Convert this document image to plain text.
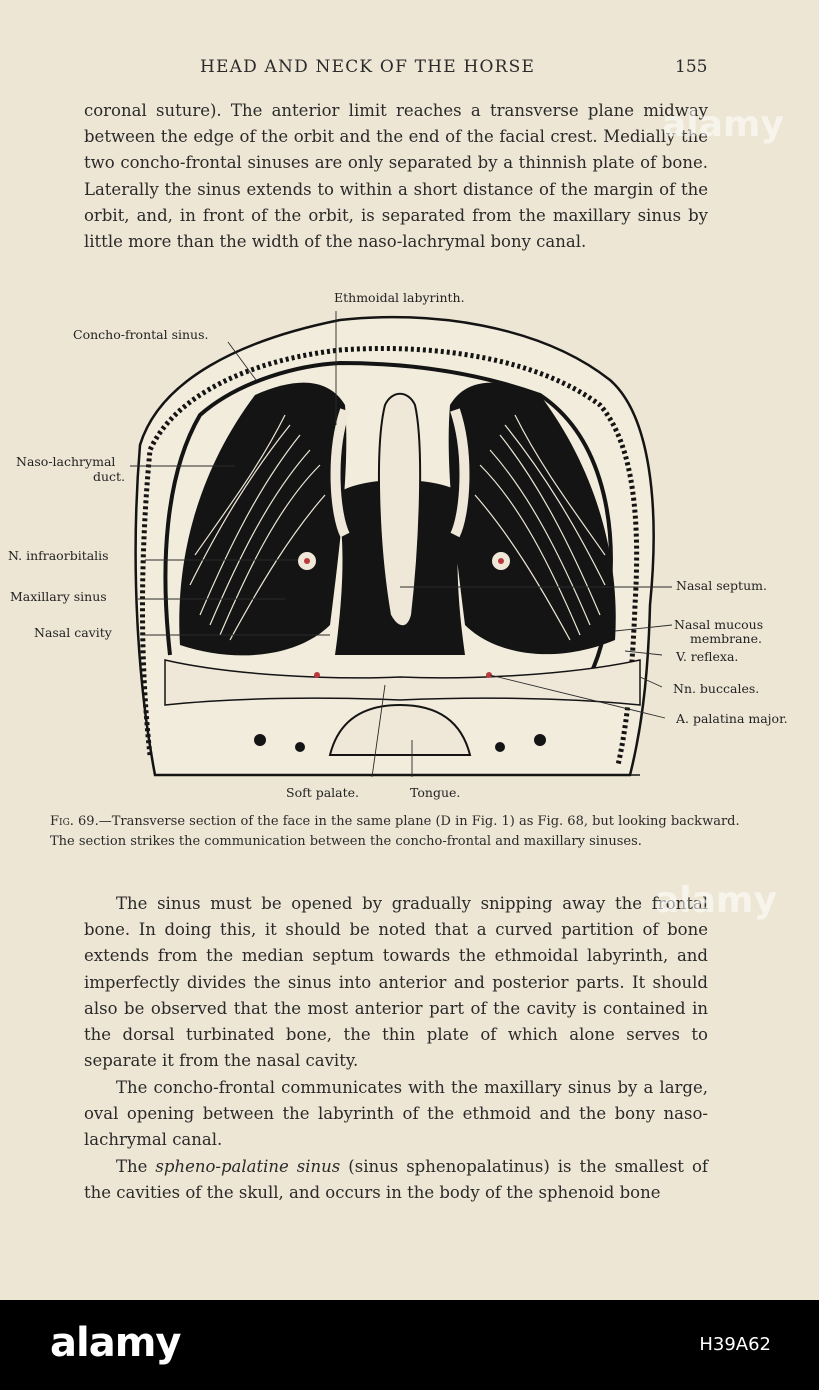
HEAD AND NECK OF THE HORSE	155

coronal suture). The anterior limit reaches a transverse plane midway between the edge of the orbit and the end of the facial crest. Medially the two concho-frontal sinuses are only separated by a thinnish plate of bone. Laterally the sinus extends to within a short distance of the margin of the orbit, and, in front of the orbit, is separated from the maxillary sinus by little more than the width of the naso-lachrymal bony canal.

Ethmoidal labyrinth.
Concho-frontal sinus.
Naso-lachrymal
duct.
N. infraorbitalis
Maxillary sinus
Nasal cavity
Nasal septum.
Nasal mucous
membrane.
V. reflexa.
Nn. buccales.
A. palatina major.
Soft palate.	Tongue.

Fig. 69.—Transverse section of the face in the same plane (D in Fig. 1) as Fig. 68, but looking backward. The section strikes the communication between the concho-frontal and maxillary sinuses.

The sinus must be opened by gradually snipping away the frontal bone. In doing this, it should be noted that a curved partition of bone extends from the median septum towards the ethmoidal labyrinth, and imperfectly divides the sinus into anterior and posterior parts. It should also be observed that the most anterior part of the cavity is contained in the dorsal turbinated bone, the thin plate of which alone serves to separate it from the nasal cavity.

The concho-frontal communicates with the maxillary sinus by a large, oval opening between the labyrinth of the ethmoid and the bony naso-lachrymal canal.

The spheno-palatine sinus (sinus sphenopalatinus) is the smallest of the cavities of the skull, and occurs in the body of the sphenoid bone

alamy
alamy
alamy	H39A62
